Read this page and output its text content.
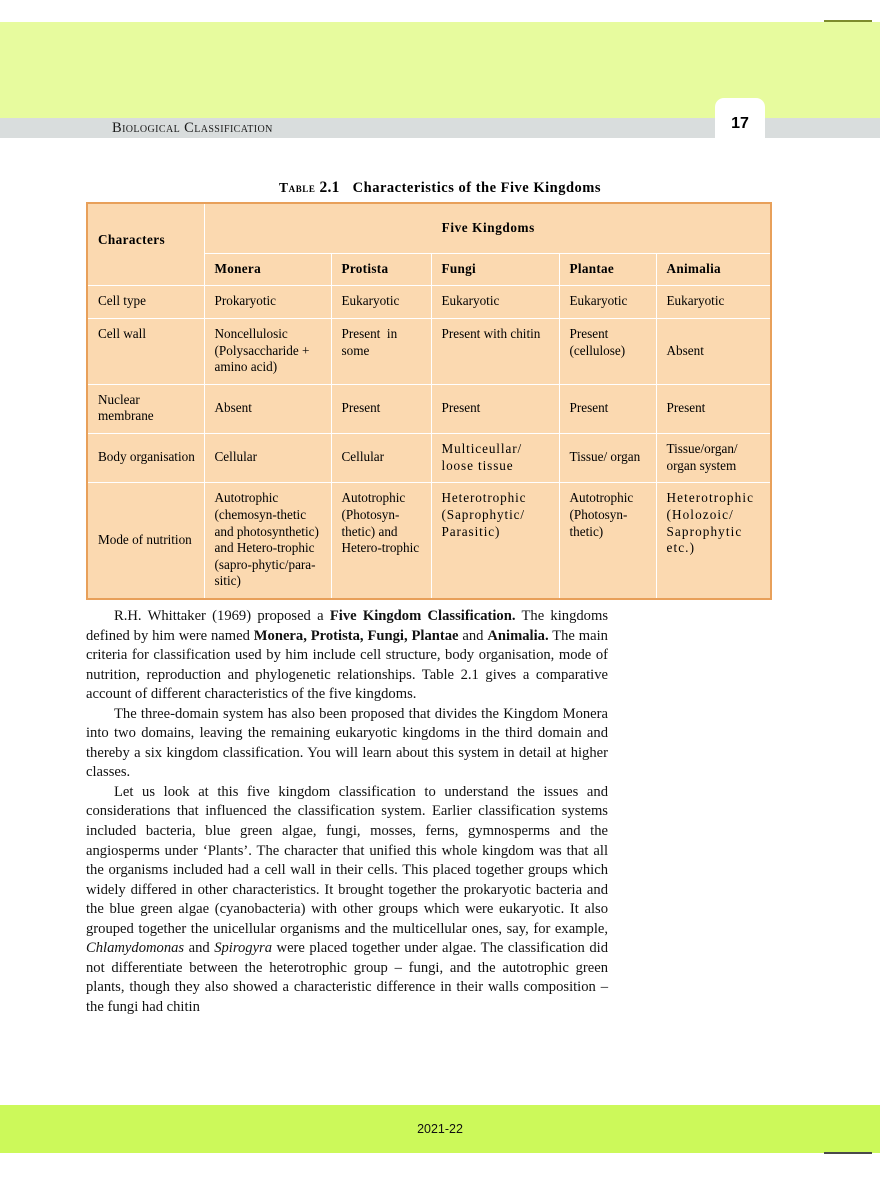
Biological Classification	17
Table 2.1 Characteristics of the Five Kingdoms
Characters	Five Kingdoms				
	Monera	Protista	Fungi	Plantae	Animalia
Cell type	Prokaryotic	Eukaryotic	Eukaryotic	Eukaryotic	Eukaryotic
Cell wall	Noncellulosic (Polysaccharide + amino acid)	Present in some	Present with chitin	Present (cellulose)	Absent
Nuclear membrane	Absent	Present	Present	Present	Present
Body organisation	Cellular	Cellular	Multiceullar/ loose tissue	Tissue/ organ	Tissue/organ/ organ system
Mode of nutrition	Autotrophic (chemosyn-thetic and photosynthetic) and Hetero-trophic (sapro-phytic/para-sitic)	Autotrophic (Photosyn-thetic) and Hetero-trophic	Heterotrophic (Saprophytic/ Parasitic)	Autotrophic (Photosyn-thetic)	Heterotrophic (Holozoic/ Saprophytic etc.)

R.H. Whittaker (1969) proposed a Five Kingdom Classification. The kingdoms defined by him were named Monera, Protista, Fungi, Plantae and Animalia. The main criteria for classification used by him include cell structure, body organisation, mode of nutrition, reproduction and phylogenetic relationships. Table 2.1 gives a comparative account of different characteristics of the five kingdoms.

The three-domain system has also been proposed that divides the Kingdom Monera into two domains, leaving the remaining eukaryotic kingdoms in the third domain and thereby a six kingdom classification. You will learn about this system in detail at higher classes.

Let us look at this five kingdom classification to understand the issues and considerations that influenced the classification system. Earlier classification systems included bacteria, blue green algae, fungi, mosses, ferns, gymnosperms and the angiosperms under ‘Plants’. The character that unified this whole kingdom was that all the organisms included had a cell wall in their cells. This placed together groups which widely differed in other characteristics. It brought together the prokaryotic bacteria and the blue green algae (cyanobacteria) with other groups which were eukaryotic. It also grouped together the unicellular organisms and the multicellular ones, say, for example, Chlamydomonas and Spirogyra were placed together under algae. The classification did not differentiate between the heterotrophic group – fungi, and the autotrophic green plants, though they also showed a characteristic difference in their walls composition – the fungi had chitin

2021-22
